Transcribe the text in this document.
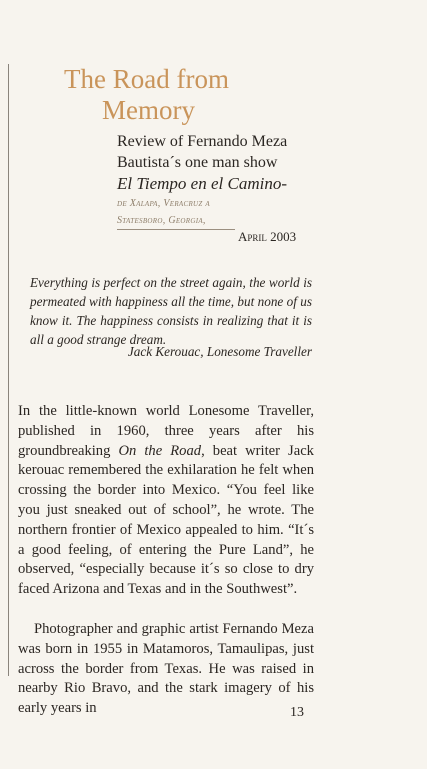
The Road from
Memory
Review of Fernando Meza
Bautista´s one man show
El Tiempo en el Camino-
de Xalapa, Veracruz a
Statesboro, Georgia,
April 2003
Everything is perfect on the street again, the world is permeated with happiness all the time, but none of us know it. The happiness consists in realizing that it is all a good strange dream.
Jack Kerouac, Lonesome Traveller

In the little-known world Lonesome Traveller, published in 1960, three years after his groundbreaking On the Road, beat writer Jack kerouac remembered the exhilaration he felt when crossing the border into Mexico. “You feel like you just sneaked out of school”, he wrote. The northern frontier of Mexico appealed to him. “It´s a good feeling, of entering the Pure Land”, he observed, “especially because it´s so close to dry faced Arizona and Texas and in the Southwest”.

Photographer and graphic artist Fernando Meza was born in 1955 in Matamoros, Tamaulipas, just across the border from Texas. He was raised in nearby Rio Bravo, and the stark imagery of his early years in	13
